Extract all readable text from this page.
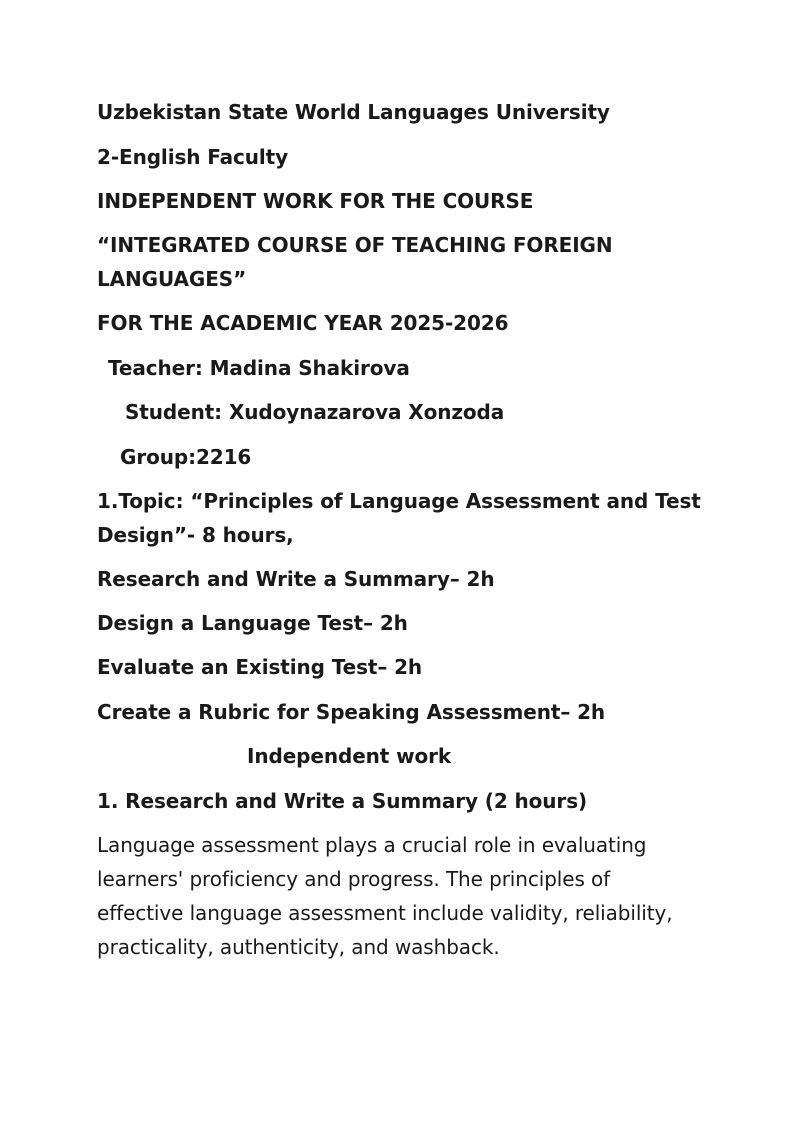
Uzbekistan State World Languages University
2-English Faculty
INDEPENDENT WORK FOR THE COURSE
“INTEGRATED COURSE OF TEACHING FOREIGN
LANGUAGES”
FOR THE ACADEMIC YEAR 2025-2026
Teacher: Madina Shakirova
Student: Xudoynazarova Xonzoda
Group:2216
1.Topic: “Principles of Language Assessment and Test
Design”- 8 hours,
Research and Write a Summary– 2h
Design a Language Test– 2h
Evaluate an Existing Test– 2h
Create a Rubric for Speaking Assessment– 2h
Independent work
1. Research and Write a Summary (2 hours)
Language assessment plays a crucial role in evaluating
learners' proficiency and progress. The principles of
effective language assessment include validity, reliability,
practicality, authenticity, and washback.
